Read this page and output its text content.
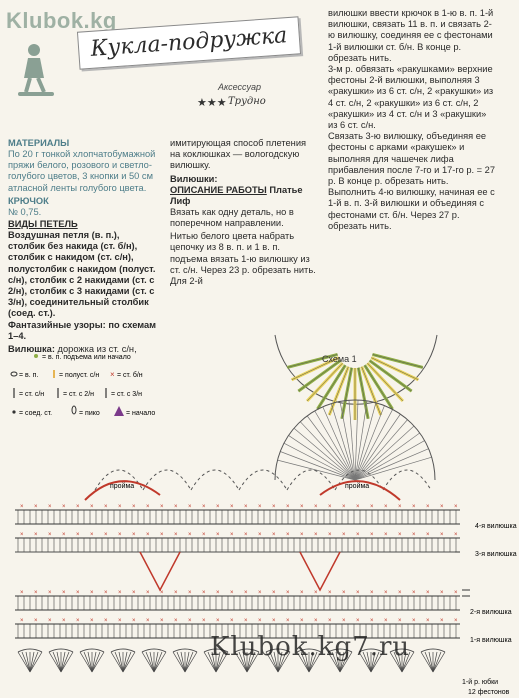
Klubok.kg
Кукла-подружка
Аксессуар
★★★ Трудно
МАТЕРИАЛЫ
По 20 г тонкой хлопчатобумажной пряжи белого, розового и светло-голубого цветов, 3 кнопки и 50 см атласной ленты голубого цвета.
КРЮЧОК
№ 0,75.
ВИДЫ ПЕТЕЛЬ
Воздушная петля (в. п.), столбик без накида (ст. б/н), столбик с накидом (ст. с/н), полустолбик с накидом (полуст. с/н), столбик с 2 накидами (ст. с 2/н), столбик с 3 накидами (ст. с 3/н), соединительный столбик (соед. ст.).
Фантазийные узоры: по схемам 1–4.
Вилюшка: дорожка из ст. с/н,
имитирующая способ плетения на коклюшках — вологодскую вилюшку.
Вилюшки:
ОПИСАНИЕ РАБОТЫ Платье
Лиф
Вязать как одну деталь, но в поперечном направлении.
Нитью белого цвета набрать цепочку из 8 в. п. и 1 в. п. подъема вязать 1-ю вилюшку из ст. с/н. Через 23 р. обрезать нить. Для 2-й
вилюшки ввести крючок в 1-ю в. п. 1-й вилюшки, связать 11 в. п. и связать 2-ю вилюшку, соединяя ее с фестонами 1-й вилюшки ст. б/н. В конце р. обрезать нить.
3-м р. обвязать «ракушками» верхние фестоны 2-й вилюшки, выполняя 3 «ракушки» из 6 ст. с/н, 2 «ракушки» из 4 ст. с/н, 2 «ракушки» из 6 ст. с/н, 2 «ракушки» из 4 ст. с/н и 3 «ракушки» из 6 ст. с/н.
Связать 3-ю вилюшку, объединяя ее фестоны с арками «ракушек» и выполняя для чашечек лифа прибавления после 7-го и 17-го р. = 27 р. В конце р. обрезать нить.
Выполнить 4-ю вилюшку, начиная ее с 1-й в. п. 3-й вилюшки и объединяя с фестонами ст. б/н. Через 27 р. обрезать нить.
= в. п. подъема или начало
= в. п.	= полуст. с/н × = ст. б/н
= ст. с/н	= ст. с 2/н = ст. с 3/н
= соед. ст.	= пико	= начало
Схема 1
× × × × × × × × × × × × × × × × × × × × × × × × × × × × × × × ×
× × × × × × × × × × × × × × × × × × × × × × × × × × × × × × × ×
× × × × × × × × × × × × × × × × × × × × × × × × × × × × × × × ×
× × × × × × × × × × × × × × × × × × × × × × × × × × × × × × × ×
пройма	пройма
4-я вилюшка
3-я вилюшка
2-я вилюшка
1-я вилюшка
1-й р. юбки
12 фестонов
Klubok.kg7.ru
